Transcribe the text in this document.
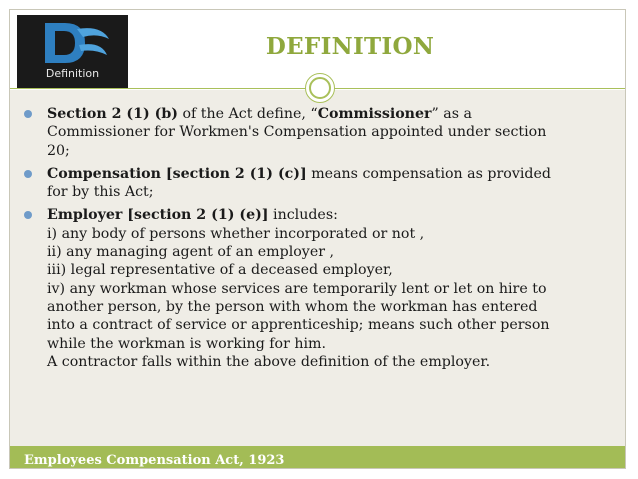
Definition
DEFINITION
Section 2 (1) (b) of the Act define, “Commissioner” as a
Commissioner for Workmen's Compensation appointed under section
20;
Compensation [section 2 (1) (c)] means compensation as provided
for by this Act;
Employer [section 2 (1) (e)] includes:
i) any body of persons whether incorporated or not ,
ii) any managing agent of an employer ,
iii) legal representative of a deceased employer,
iv) any workman whose services are temporarily lent or let on hire to
another person, by the person with whom the workman has entered
into a contract of service or apprenticeship; means such other person
while the workman is working for him.
A contractor falls within the above definition of the employer.
Employees Compensation Act, 1923
